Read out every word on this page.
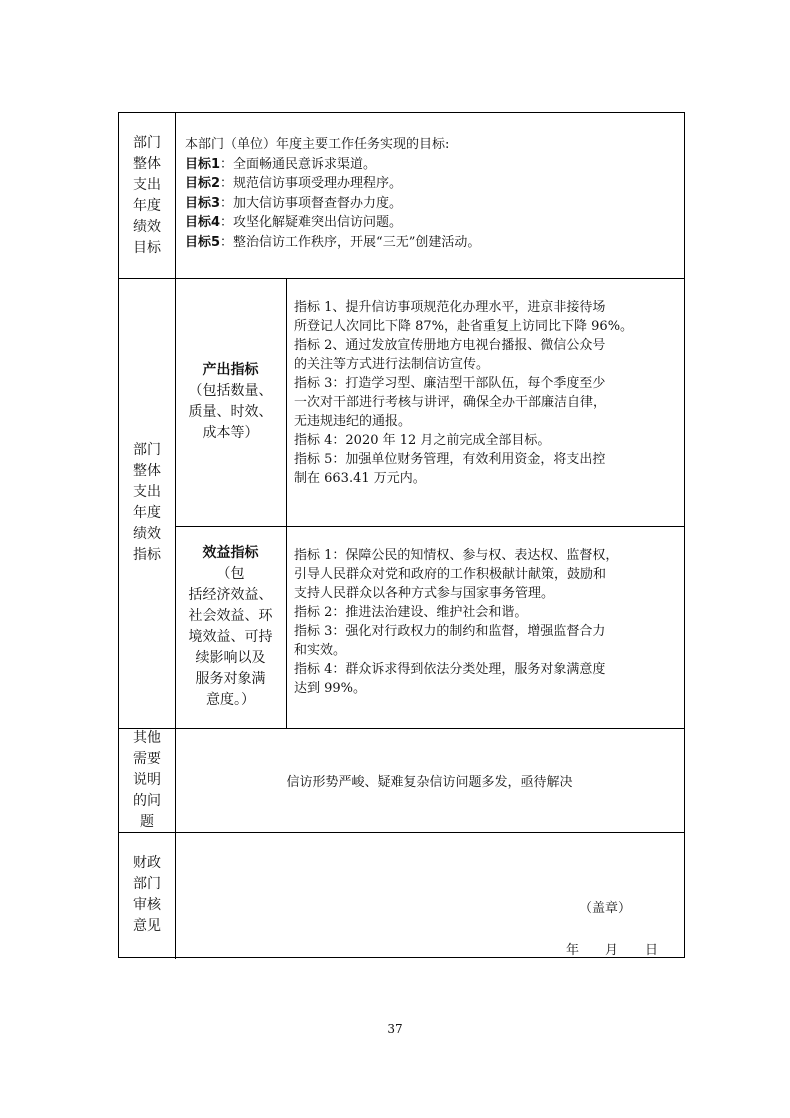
部门
整体
支出
年度
绩效
目标
本部门（单位）年度主要工作任务实现的目标:
目标1：全面畅通民意诉求渠道。
目标2：规范信访事项受理办理程序。
目标3：加大信访事项督查督办力度。
目标4：攻坚化解疑难突出信访问题。
目标5：整治信访工作秩序，开展“三无”创建活动。
部门
整体
支出
年度
绩效
指标
产出指标
（包括数量、
质量、时效、
成本等）
指标 1、提升信访事项规范化办理水平，进京非接待场
所登记人次同比下降 87%，赴省重复上访同比下降 96%。
指标 2、通过发放宣传册地方电视台播报、微信公众号
的关注等方式进行法制信访宣传。
指标 3：打造学习型、廉洁型干部队伍，每个季度至少
一次对干部进行考核与讲评，确保全办干部廉洁自律，
无违规违纪的通报。
指标 4：2020 年 12 月之前完成全部目标。
指标 5：加强单位财务管理，有效利用资金，将支出控
制在 663.41 万元内。
效益指标
（包
括经济效益、
社会效益、环
境效益、可持
续影响以及
服务对象满
意度。）
指标 1：保障公民的知情权、参与权、表达权、监督权，
引导人民群众对党和政府的工作积极献计献策，鼓励和
支持人民群众以各种方式参与国家事务管理。
指标 2：推进法治建设、维护社会和谐。
指标 3：强化对行政权力的制约和监督，增强监督合力
和实效。
指标 4：群众诉求得到依法分类处理，服务对象满意度
达到 99%。
其他
需要
说明
的问
题
信访形势严峻、疑难复杂信访问题多发，亟待解决
财政
部门
审核
意见
（盖章）
年 月 日
37
